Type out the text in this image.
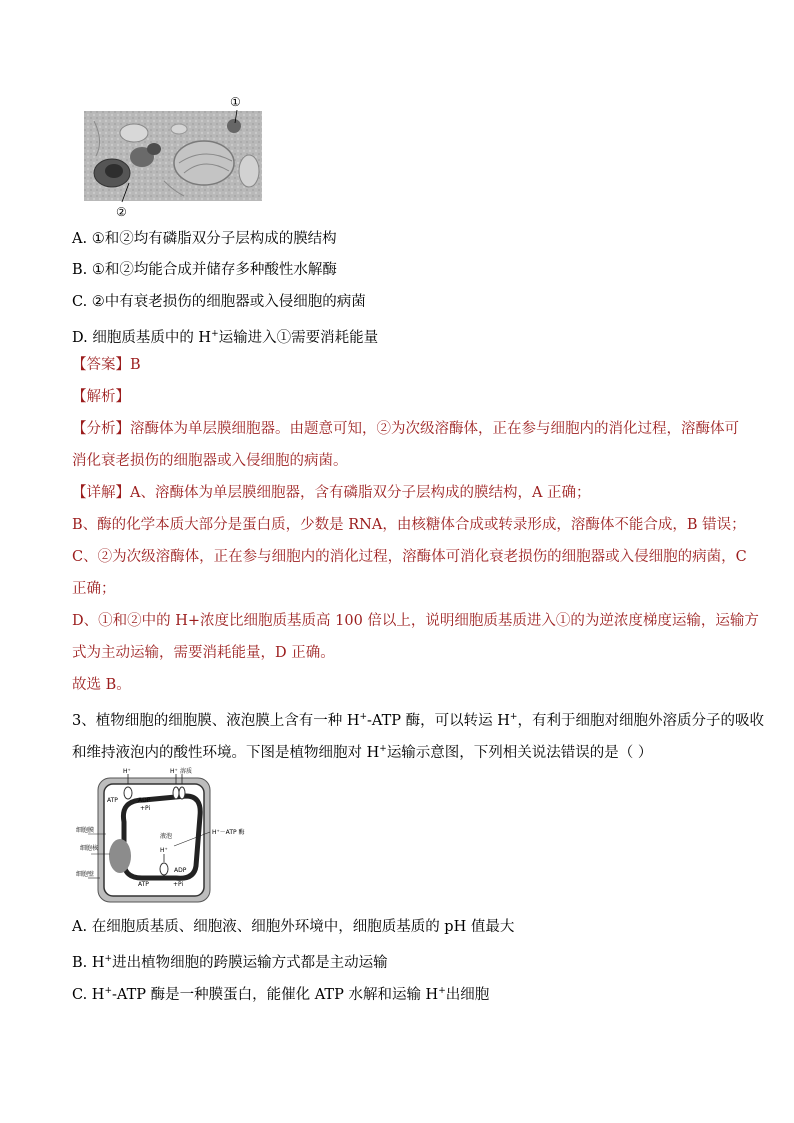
①
②
A. ①和②均有磷脂双分子层构成的膜结构
B. ①和②均能合成并储存多种酸性水解酶
C. ②中有衰老损伤的细胞器或入侵细胞的病菌
D. 细胞质基质中的 H+运输进入①需要消耗能量
【答案】B
【解析】
【分析】溶酶体为单层膜细胞器。由题意可知，②为次级溶酶体，正在参与细胞内的消化过程，溶酶体可
消化衰老损伤的细胞器或入侵细胞的病菌。
【详解】A、溶酶体为单层膜细胞器，含有磷脂双分子层构成的膜结构，A 正确；
B、酶的化学本质大部分是蛋白质，少数是 RNA，由核糖体合成或转录形成，溶酶体不能合成，B 错误；
C、②为次级溶酶体，正在参与细胞内的消化过程，溶酶体可消化衰老损伤的细胞器或入侵细胞的病菌，C
正确；
D、①和②中的 H+浓度比细胞质基质高 100 倍以上，说明细胞质基质进入①的为逆浓度梯度运输，运输方
式为主动运输，需要消耗能量，D 正确。
故选 B。
3、植物细胞的细胞膜、液泡膜上含有一种 H+-ATP 酶，可以转运 H+，有利于细胞对细胞外溶质分子的吸收
和维持液泡内的酸性环境。下图是植物细胞对 H+运输示意图，下列相关说法错误的是（ ）
H⁺	H⁺ 溶质
ATP	ADP
+Pi
液泡
H⁺
H⁺－ATP 酶
ADP
ATP	+Pi
细胞膜
细胞核
细胞壁
A. 在细胞质基质、细胞液、细胞外环境中，细胞质基质的 pH 值最大
B. H+进出植物细胞的跨膜运输方式都是主动运输
C. H+-ATP 酶是一种膜蛋白，能催化 ATP 水解和运输 H+出细胞
